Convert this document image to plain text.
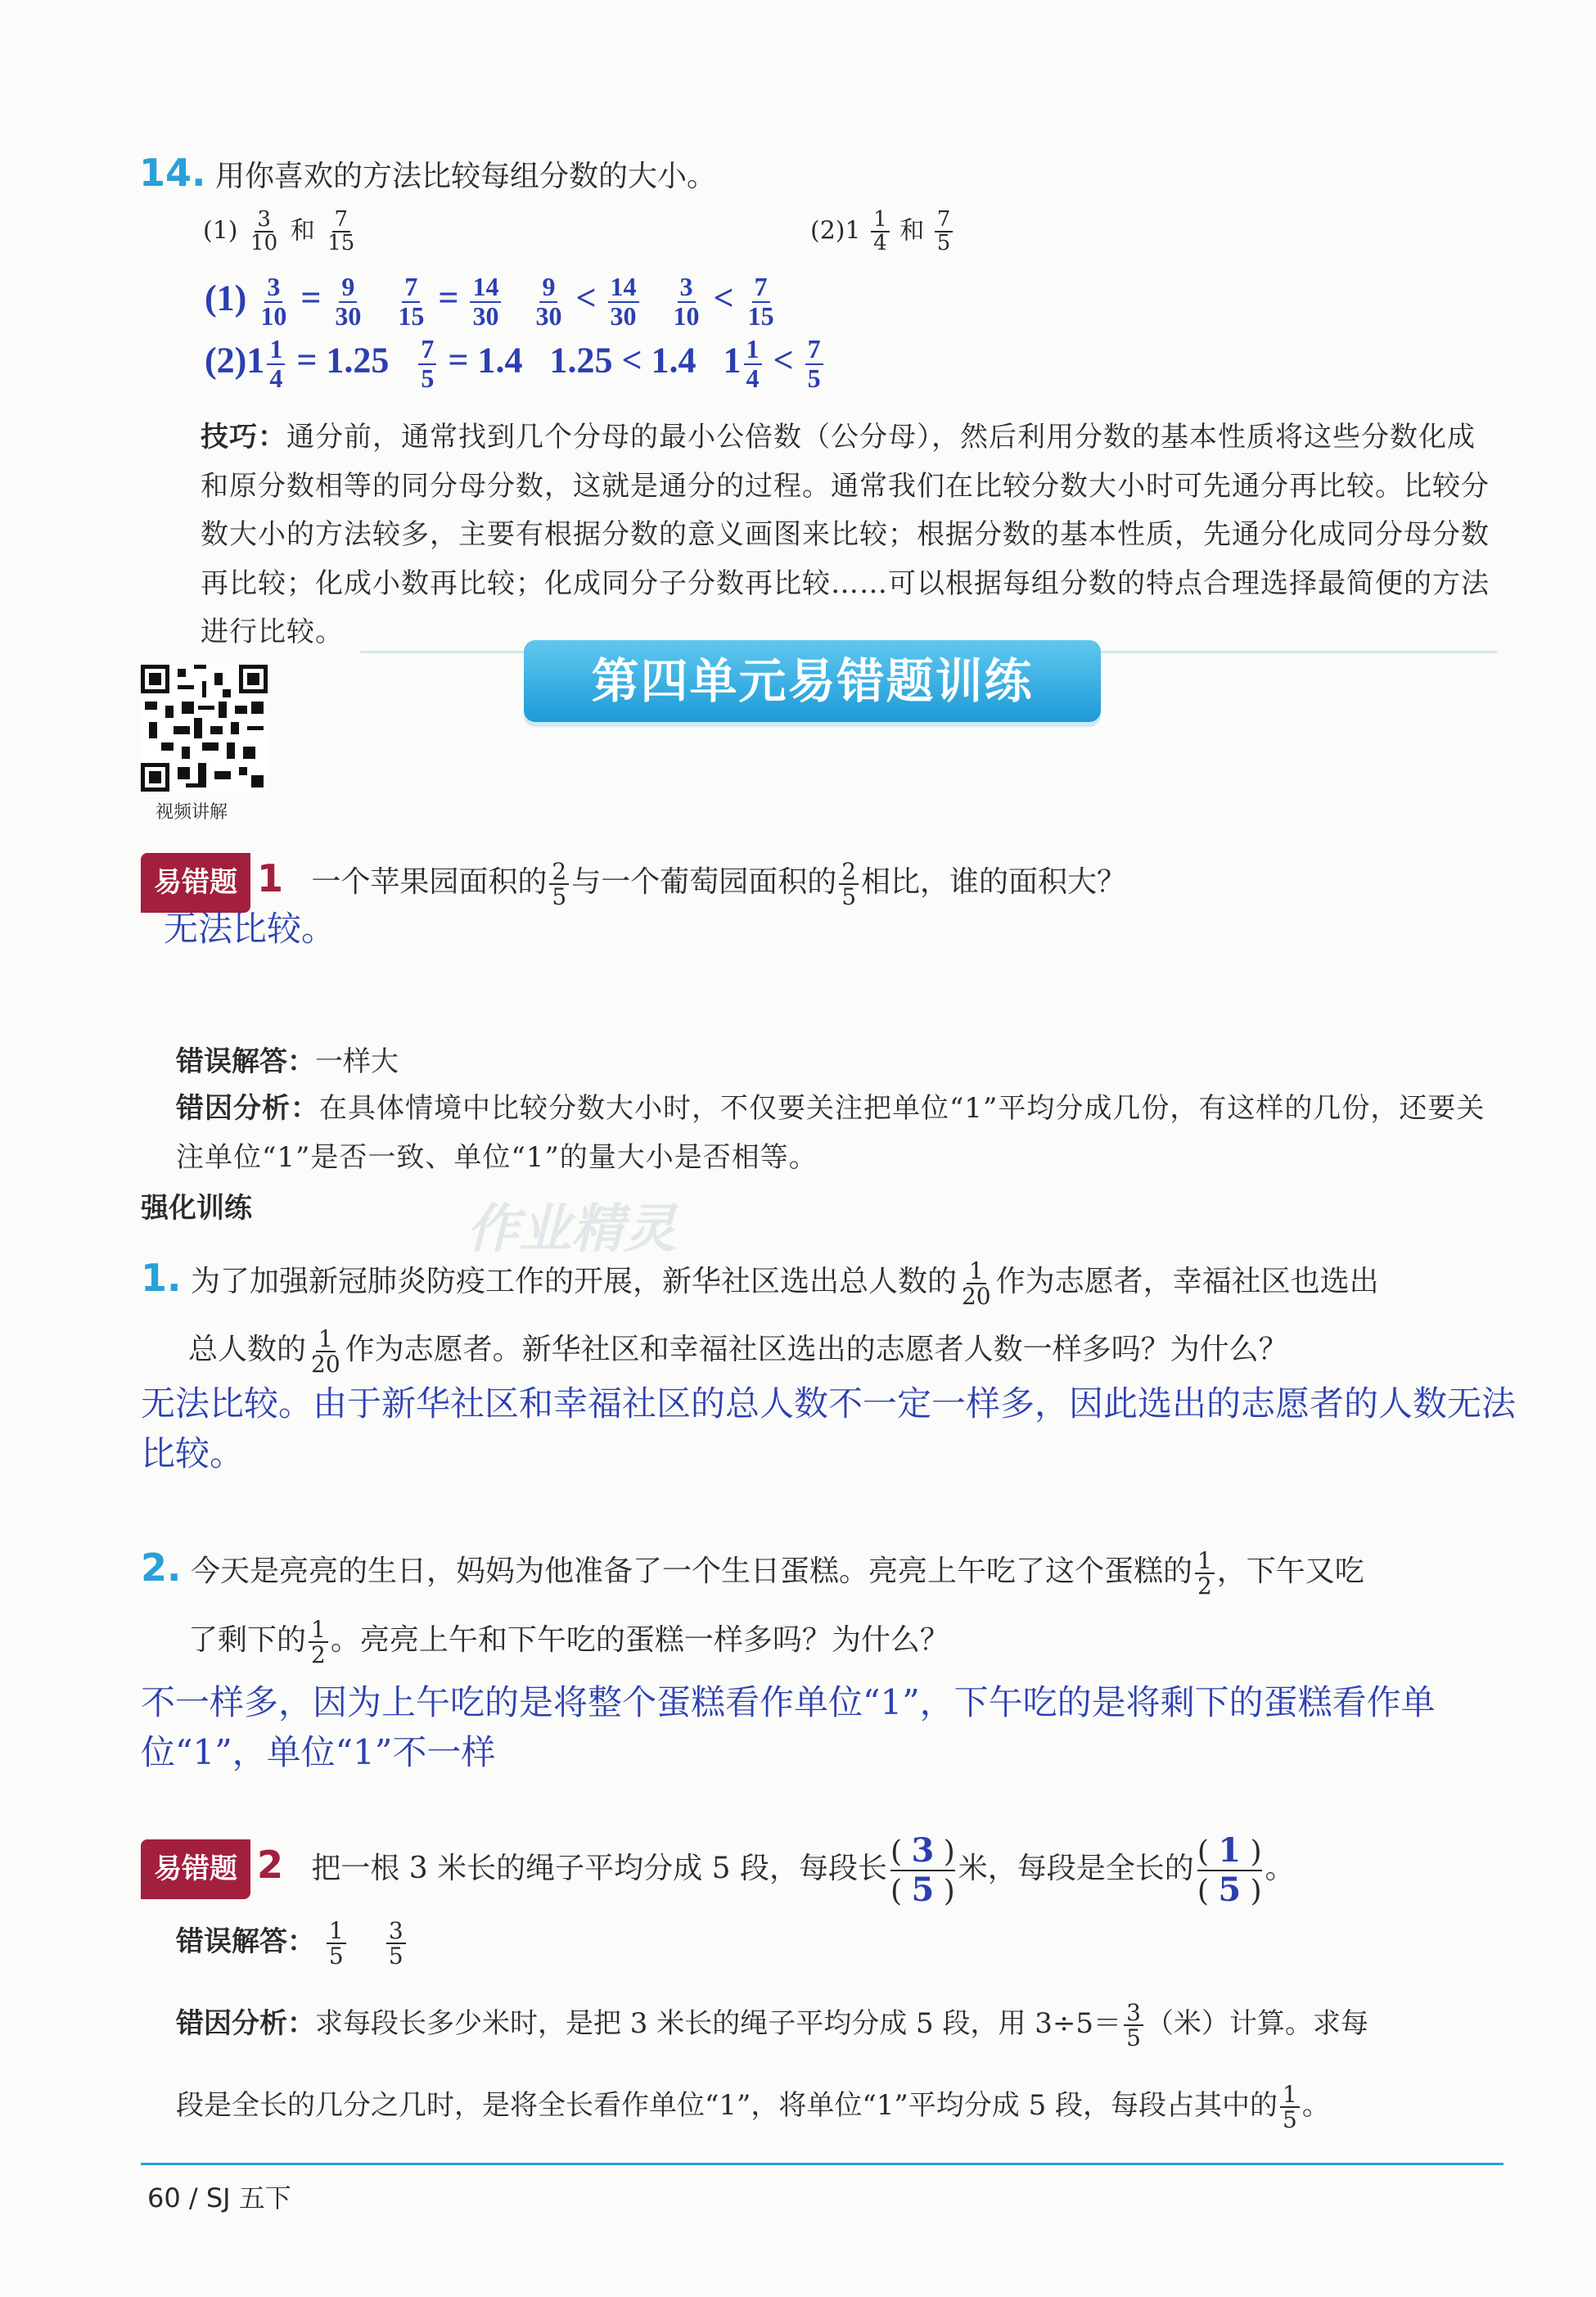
14. 用你喜欢的方法比较每组分数的大小。
$(1) \frac{3}{10}$ 和 $\frac{7}{15}$	$(2)1 \frac{1}{4}$ 和 $\frac{7}{5}$
$(1) \frac{3}{10} = \frac{9}{30}$
$\frac{7}{15} = \frac{14}{30}$
$\frac{9}{30} < \frac{14}{30}$
$\frac{3}{10} < \frac{7}{15}$
$(2)1 \frac{1}{4} = 1.25 \frac{7}{5} = 1.4$ 1.25 < 1.4 $1 \frac{1}{4} < \frac{7}{5}$
技巧：通分前，通常找到几个分母的最小公倍数（公分母），然后利用分数的基本性质将这些分数化成和原分数相等的同分母分数，这就是通分的过程。通常我们在比较分数大小时可先通分再比较。比较分数大小的方法较多，主要有根据分数的意义画图来比较；根据分数的基本性质，先通分化成同分母分数再比较；化成小数再比较；化成同分子分数再比较……可以根据每组分数的特点合理选择最简便的方法进行比较。
第四单元易错题训练
视频讲解
易错题 1 一个苹果园面积的 $\frac{2}{5}$ 与一个葡萄园面积的 $\frac{2}{5}$ 相比，谁的面积大？
无法比较。
错误解答：一样大
错因分析：在具体情境中比较分数大小时，不仅要关注把单位“1”平均分成几份，有这样的几份，还要关注单位“1”是否一致、单位“1”的量大小是否相等。
强化训练	作业精灵
1. 为了加强新冠肺炎防疫工作的开展，新华社区选出总人数的 $\frac{1}{20}$ 作为志愿者，幸福社区也选出
总人数的 $\frac{1}{20}$ 作为志愿者。新华社区和幸福社区选出的志愿者人数一样多吗？为什么？
无法比较。由于新华社区和幸福社区的总人数不一定一样多，因此选出的志愿者的人数无法比较。
2. 今天是亮亮的生日，妈妈为他准备了一个生日蛋糕。亮亮上午吃了这个蛋糕的 $\frac{1}{2}$ ，下午又吃
了剩下的 $\frac{1}{2}$ 。亮亮上午和下午吃的蛋糕一样多吗？为什么？
不一样多，因为上午吃的是将整个蛋糕看作单位“1”，下午吃的是将剩下的蛋糕看作单位“1”，单位“1”不一样
易错题 2 把一根 3 米长的绳子平均分成 5 段，每段长 $\frac{( 3 )}{( 5 )}$ 米，每段是全长的 $\frac{( 1 )}{( 5 )}$ 。
错误解答： $\frac{1}{5}$
$\frac{3}{5}$
错因分析：求每段长多少米时，是把 3 米长的绳子平均分成 5 段，用 $3\div 5= \frac{3}{5}$ （米）计算。求每
段是全长的几分之几时，是将全长看作单位“1”，将单位“1”平均分成 5 段，每段占其中的 $\frac{1}{5}$ 。
60 / SJ 五下
